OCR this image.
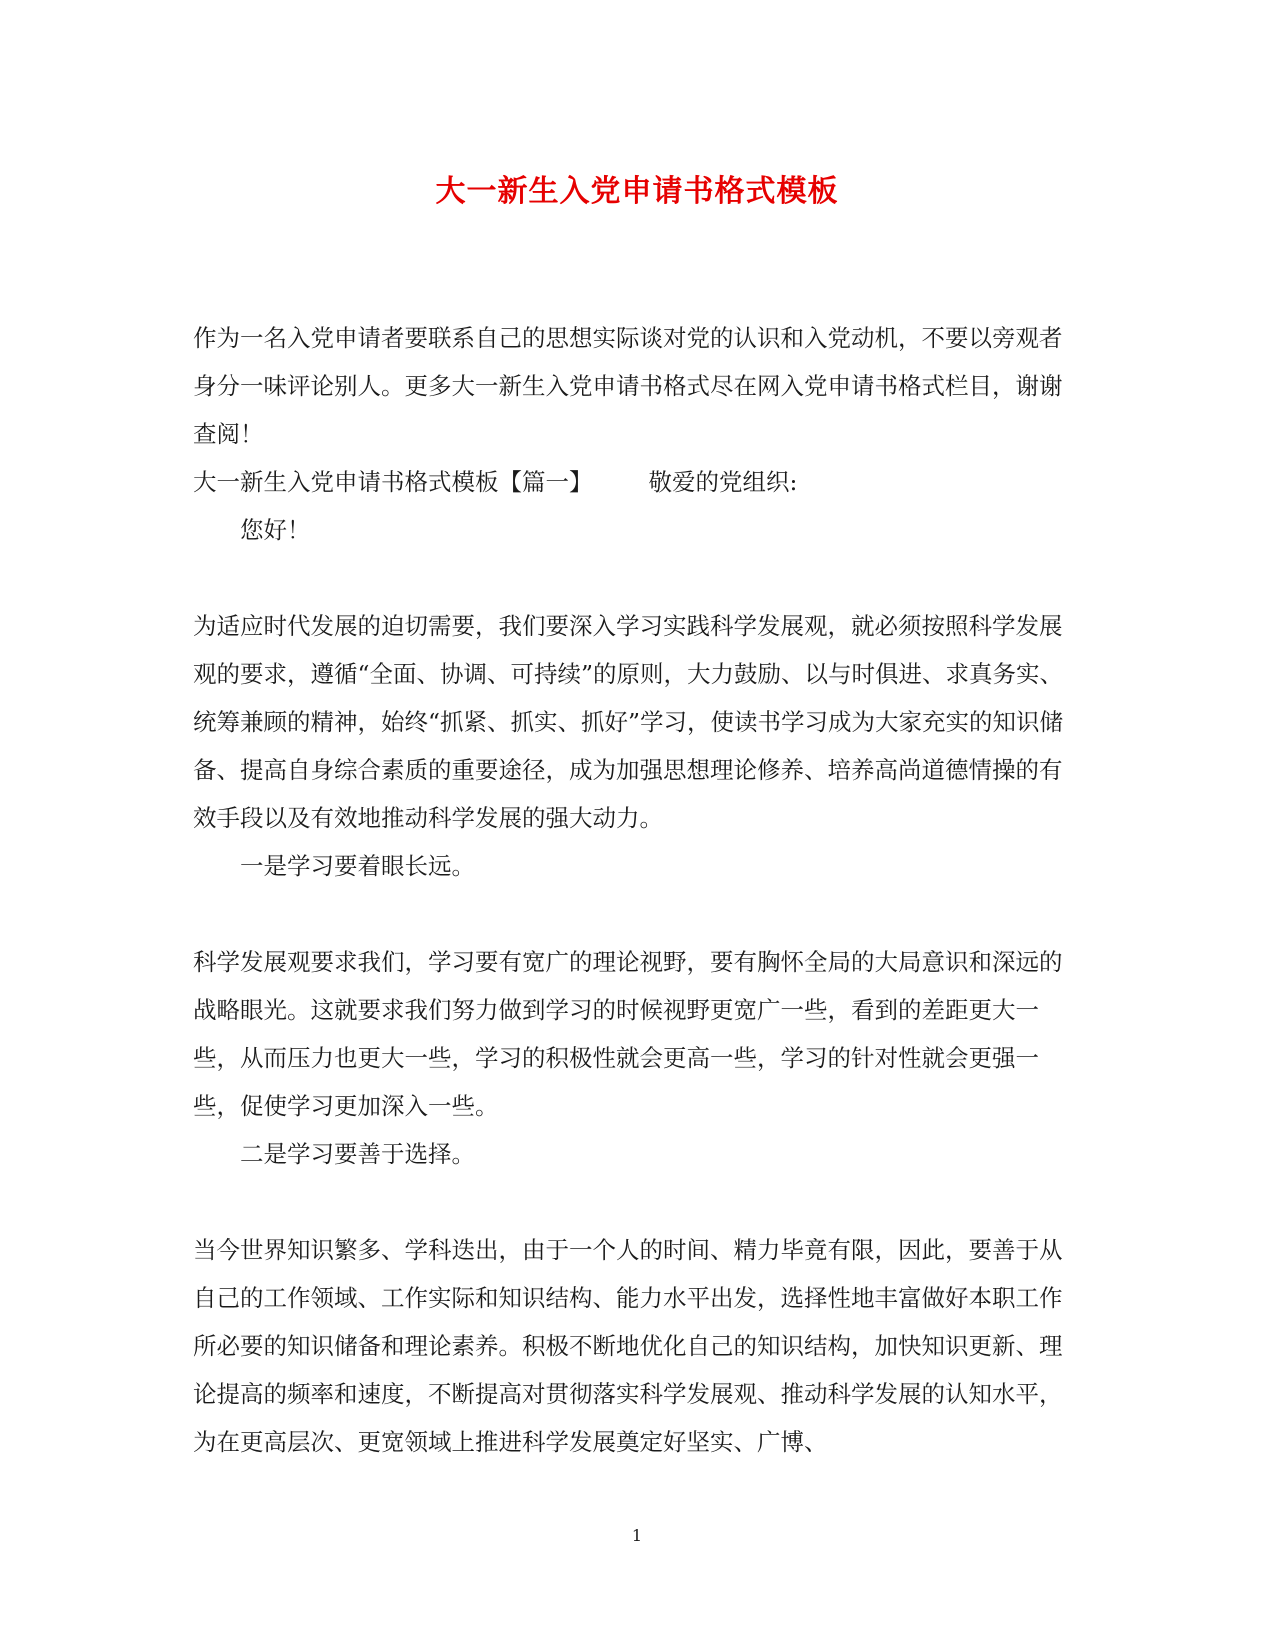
大一新生入党申请书格式模板

作为一名入党申请者要联系自己的思想实际谈对党的认识和入党动机，不要以旁观者身分一味评论别人。更多大一新生入党申请书格式尽在网入党申请书格式栏目，谢谢查阅！

大一新生入党申请书格式模板【篇一】 敬爱的党组织:

您好！

为适应时代发展的迫切需要，我们要深入学习实践科学发展观，就必须按照科学发展观的要求，遵循“全面、协调、可持续”的原则，大力鼓励、以与时俱进、求真务实、统筹兼顾的精神，始终“抓紧、抓实、抓好”学习，使读书学习成为大家充实的知识储备、提高自身综合素质的重要途径，成为加强思想理论修养、培养高尚道德情操的有效手段以及有效地推动科学发展的强大动力。

一是学习要着眼长远。

科学发展观要求我们，学习要有宽广的理论视野，要有胸怀全局的大局意识和深远的战略眼光。这就要求我们努力做到学习的时候视野更宽广一些，看到的差距更大一些，从而压力也更大一些，学习的积极性就会更高一些，学习的针对性就会更强一些，促使学习更加深入一些。

二是学习要善于选择。

当今世界知识繁多、学科迭出，由于一个人的时间、精力毕竟有限，因此，要善于从自己的工作领域、工作实际和知识结构、能力水平出发，选择性地丰富做好本职工作所必要的知识储备和理论素养。积极不断地优化自己的知识结构，加快知识更新、理论提高的频率和速度，不断提高对贯彻落实科学发展观、推动科学发展的认知水平，为在更高层次、更宽领域上推进科学发展奠定好坚实、广博、

1
